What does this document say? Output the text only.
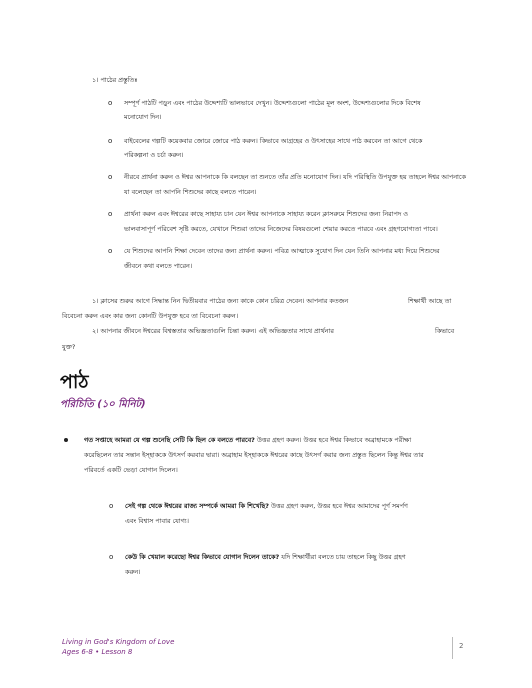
১। পাঠের প্রস্তুতিঃ
o সম্পূর্ণ পাঠটি পড়ুন এবং পাঠের উদ্দেশ্যটি ভালভাবে দেখুন। উদ্দেশ্যগুলো পাঠের মূল অংশ, উদ্দেশ্যগুলোর দিকে বিশেষ
মনোযোগ দিন।
o বাইবেলের গল্পটি কয়েকবার জোরে জোরে পাঠ করুন। কিভাবে আগ্রহের ও উৎসাহের সাথে পাঠ করবেন তা আগে থেকে
পরিকল্পনা ও চর্চা করুন।
o নীরবে প্রার্থনা করুন ও ঈশ্বর আপনাকে কি বলছেন তা শুনতে তাঁর প্রতি মনোযোগ দিন। যদি পরিস্থিতি উপযুক্ত হয় তাহলে ঈশ্বর আপনাকে
যা বলেছেন তা আপনি শিশুদের কাছে বলতে পারেন।
o প্রার্থনা করুন এবং ঈশ্বরের কাছে সাহায্য চান যেন ঈশ্বর আপনাকে সাহায্য করেন ক্লাসরুমে শিশুদের জন্য নিরাপদ ও
ভালবাসাপূর্ণ পরিবেশ সৃষ্টি করতে, যেখানে শিশুরা তাদের নিজেদের বিষয়গুলো শেয়ার করতে পারবে এবং গ্রহণযোগ্যতা পাবে।
o যে শিশুদের আপনি শিক্ষা দেবেন তাদের জন্য প্রার্থনা করুন। পবিত্র আত্মাকে সুযোগ দিন যেন তিনি আপনার মধ্য দিয়ে শিশুদের
জীবনে কথা বলতে পারেন।
১। ক্লাসের শুরুর আগে সিদ্ধান্ত নিন দ্বিতীয়বার পাঠের জন্য কাকে কোন চরিত্র দেবেন। আপনার কতজন	শিক্ষার্থী আছে তা
বিবেচনা করুন এবং কার জন্য কোনটি উপযুক্ত হবে তা বিবেচনা করুন।
২। আপনার জীবনে ঈশ্বরের বিশ্বস্ততার অভিজ্ঞতাগুলি চিন্তা করুন। এই অভিজ্ঞতার সাথে প্রার্থনার	কিভাবে
যুক্ত?
পাঠ
পরিচিতি (১০ মিনিট)
গত সপ্তাহে আমরা যে গল্প শুনেছি সেটি কি ছিল কে বলতে পারবে? উত্তর গ্রহণ করুন। উত্তর হবে ঈশ্বর কিভাবে অব্রাহামকে পরীক্ষা
করেছিলেন তার সন্তান ইস্‌হাককে উৎসর্গ করবার দ্বারা। অব্রাহাম ইস্‌হাককে ঈশ্বরের কাছে উৎসর্গ করার জন্য প্রস্তুত ছিলেন কিন্তু ঈশ্বর তার
পরিবর্তে একটি ভেড়া যোগান দিলেন।
o সেই গল্প থেকে ঈশ্বরের রাজ্য সম্পর্কে আমরা কি শিখেছি? উত্তর গ্রহণ করুন, উত্তর হবে ঈশ্বর আমাদের পূর্ণ সমর্পণ
এবং বিশ্বাস পাবার যোগ্য।
o কেউ কি খেয়াল করেছো ঈশ্বর কিভাবে যোগান দিলেন তাকে? যদি শিক্ষার্থীরা বলতে চায় তাহলে কিছু উত্তর গ্রহণ
করুন।
Living in God's Kingdom of Love
Ages 6-8 • Lesson 8
2
